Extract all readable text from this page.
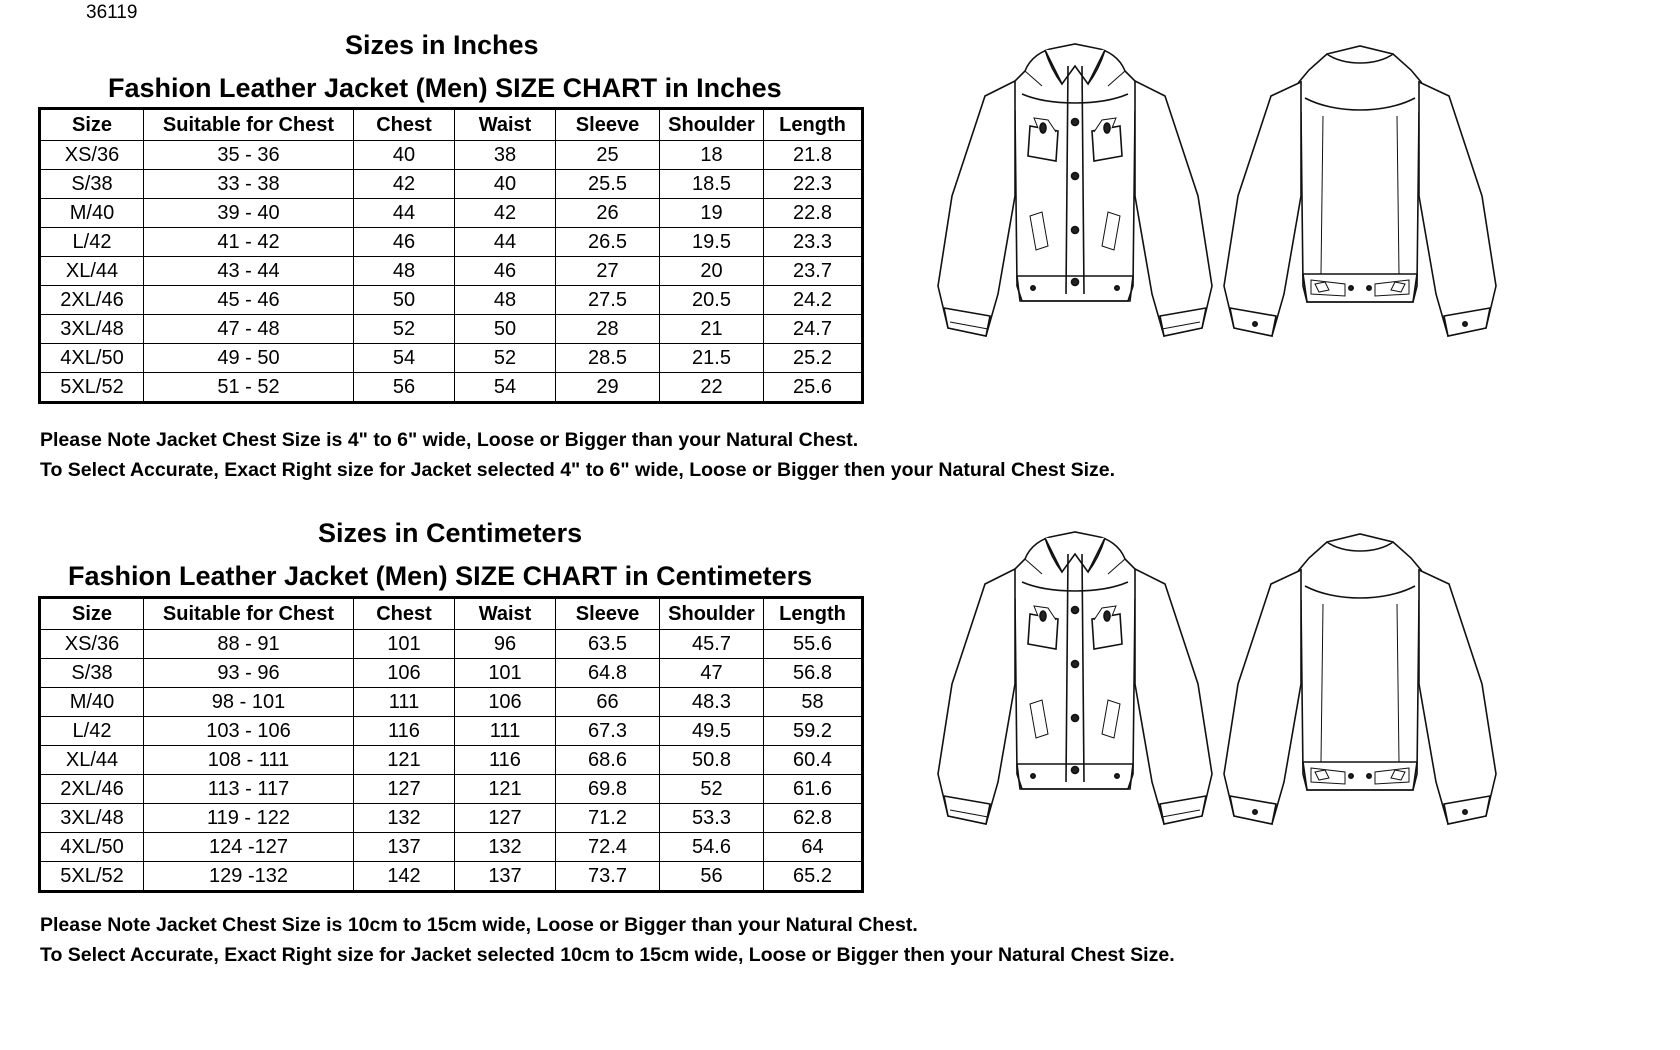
36119
Sizes in Inches
Fashion Leather Jacket (Men) SIZE CHART in Inches
Size	Suitable for Chest	Chest	Waist	Sleeve	Shoulder	Length
XS/36	35 - 36	40	38	25	18	21.8
S/38	33 - 38	42	40	25.5	18.5	22.3
M/40	39 - 40	44	42	26	19	22.8
L/42	41 - 42	46	44	26.5	19.5	23.3
XL/44	43 - 44	48	46	27	20	23.7
2XL/46	45 - 46	50	48	27.5	20.5	24.2
3XL/48	47 - 48	52	50	28	21	24.7
4XL/50	49 - 50	54	52	28.5	21.5	25.2
5XL/52	51 - 52	56	54	29	22	25.6
Please Note Jacket Chest Size is 4" to 6" wide, Loose or Bigger than your Natural Chest.
To Select Accurate, Exact Right size for Jacket selected 4" to 6" wide, Loose or Bigger then your Natural Chest Size.
Sizes in Centimeters
Fashion Leather Jacket (Men) SIZE CHART in Centimeters
Size	Suitable for Chest	Chest	Waist	Sleeve	Shoulder	Length
XS/36	88 - 91	101	96	63.5	45.7	55.6
S/38	93 - 96	106	101	64.8	47	56.8
M/40	98 - 101	111	106	66	48.3	58
L/42	103 - 106	116	111	67.3	49.5	59.2
XL/44	108 - 111	121	116	68.6	50.8	60.4
2XL/46	113 - 117	127	121	69.8	52	61.6
3XL/48	119 - 122	132	127	71.2	53.3	62.8
4XL/50	124 -127	137	132	72.4	54.6	64
5XL/52	129 -132	142	137	73.7	56	65.2
Please Note Jacket Chest Size is 10cm to 15cm wide, Loose or Bigger than your Natural Chest.
To Select Accurate, Exact Right size for Jacket selected 10cm to 15cm wide, Loose or Bigger then your Natural Chest Size.
